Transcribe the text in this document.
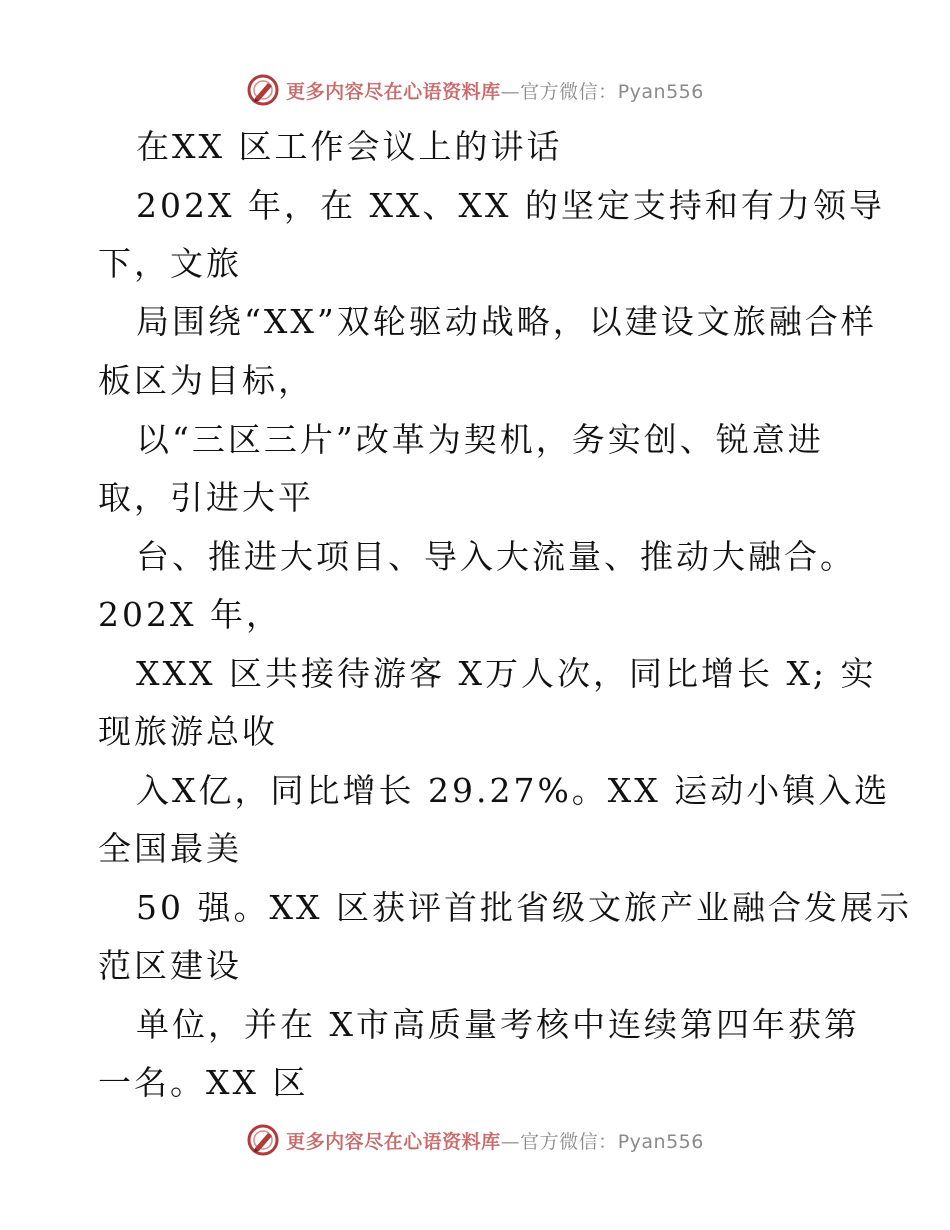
更多内容尽在心语资料库—官方微信：Pyan556
在XX 区工作会议上的讲话
202X 年，在 XX、XX 的坚定支持和有力领导
下，文旅
局围绕“XX”双轮驱动战略，以建设文旅融合样
板区为目标，
以“三区三片”改革为契机，务实创、锐意进
取，引进大平
台、推进大项目、导入大流量、推动大融合。
202X 年，
XXX 区共接待游客 X万人次，同比增长 X; 实
现旅游总收
入X亿，同比增长 29.27%。XX 运动小镇入选
全国最美
50 强。XX 区获评首批省级文旅产业融合发展示
范区建设
单位，并在 X市高质量考核中连续第四年获第
一名。XX 区
更多内容尽在心语资料库—官方微信：Pyan556
